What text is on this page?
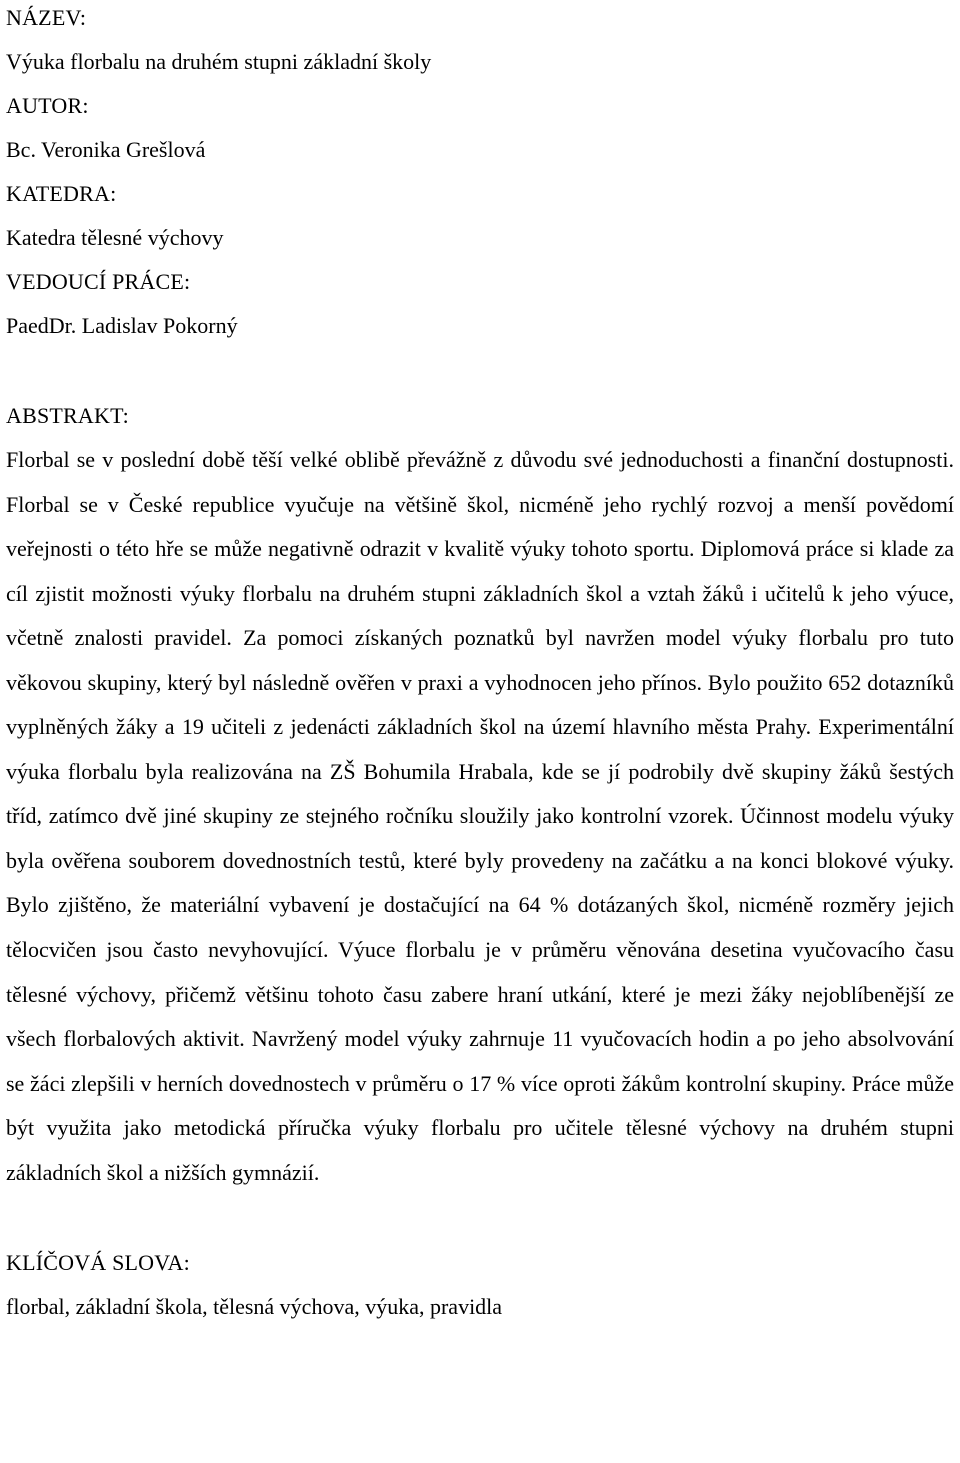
NÁZEV:

Výuka florbalu na druhém stupni základní školy

AUTOR:

Bc. Veronika Grešlová

KATEDRA:

Katedra tělesné výchovy

VEDOUCÍ PRÁCE:

PaedDr. Ladislav Pokorný

ABSTRAKT:

Florbal se v poslední době těší velké oblibě převážně z důvodu své jednoduchosti a finanční dostupnosti. Florbal se v České republice vyučuje na většině škol, nicméně jeho rychlý rozvoj a menší povědomí veřejnosti o této hře se může negativně odrazit v kvalitě výuky tohoto sportu. Diplomová práce si klade za cíl zjistit možnosti výuky florbalu na druhém stupni základních škol a vztah žáků i učitelů k jeho výuce, včetně znalosti pravidel. Za pomoci získaných poznatků byl navržen model výuky florbalu pro tuto věkovou skupiny, který byl následně ověřen v praxi a vyhodnocen jeho přínos. Bylo použito 652 dotazníků vyplněných žáky a 19 učiteli z jedenácti základních škol na území hlavního města Prahy. Experimentální výuka florbalu byla realizována na ZŠ Bohumila Hrabala, kde se jí podrobily dvě skupiny žáků šestých tříd, zatímco dvě jiné skupiny ze stejného ročníku sloužily jako kontrolní vzorek. Účinnost modelu výuky byla ověřena souborem dovednostních testů, které byly provedeny na začátku a na konci blokové výuky. Bylo zjištěno, že materiální vybavení je dostačující na 64 % dotázaných škol, nicméně rozměry jejich tělocvičen jsou často nevyhovující. Výuce florbalu je v průměru věnována desetina vyučovacího času tělesné výchovy, přičemž většinu tohoto času zabere hraní utkání, které je mezi žáky nejoblíbenější ze všech florbalových aktivit. Navržený model výuky zahrnuje 11 vyučovacích hodin a po jeho absolvování se žáci zlepšili v herních dovednostech v průměru o 17 % více oproti žákům kontrolní skupiny. Práce může být využita jako metodická příručka výuky florbalu pro učitele tělesné výchovy na druhém stupni základních škol a nižších gymnázií.

KLÍČOVÁ SLOVA:

florbal, základní škola, tělesná výchova, výuka, pravidla
